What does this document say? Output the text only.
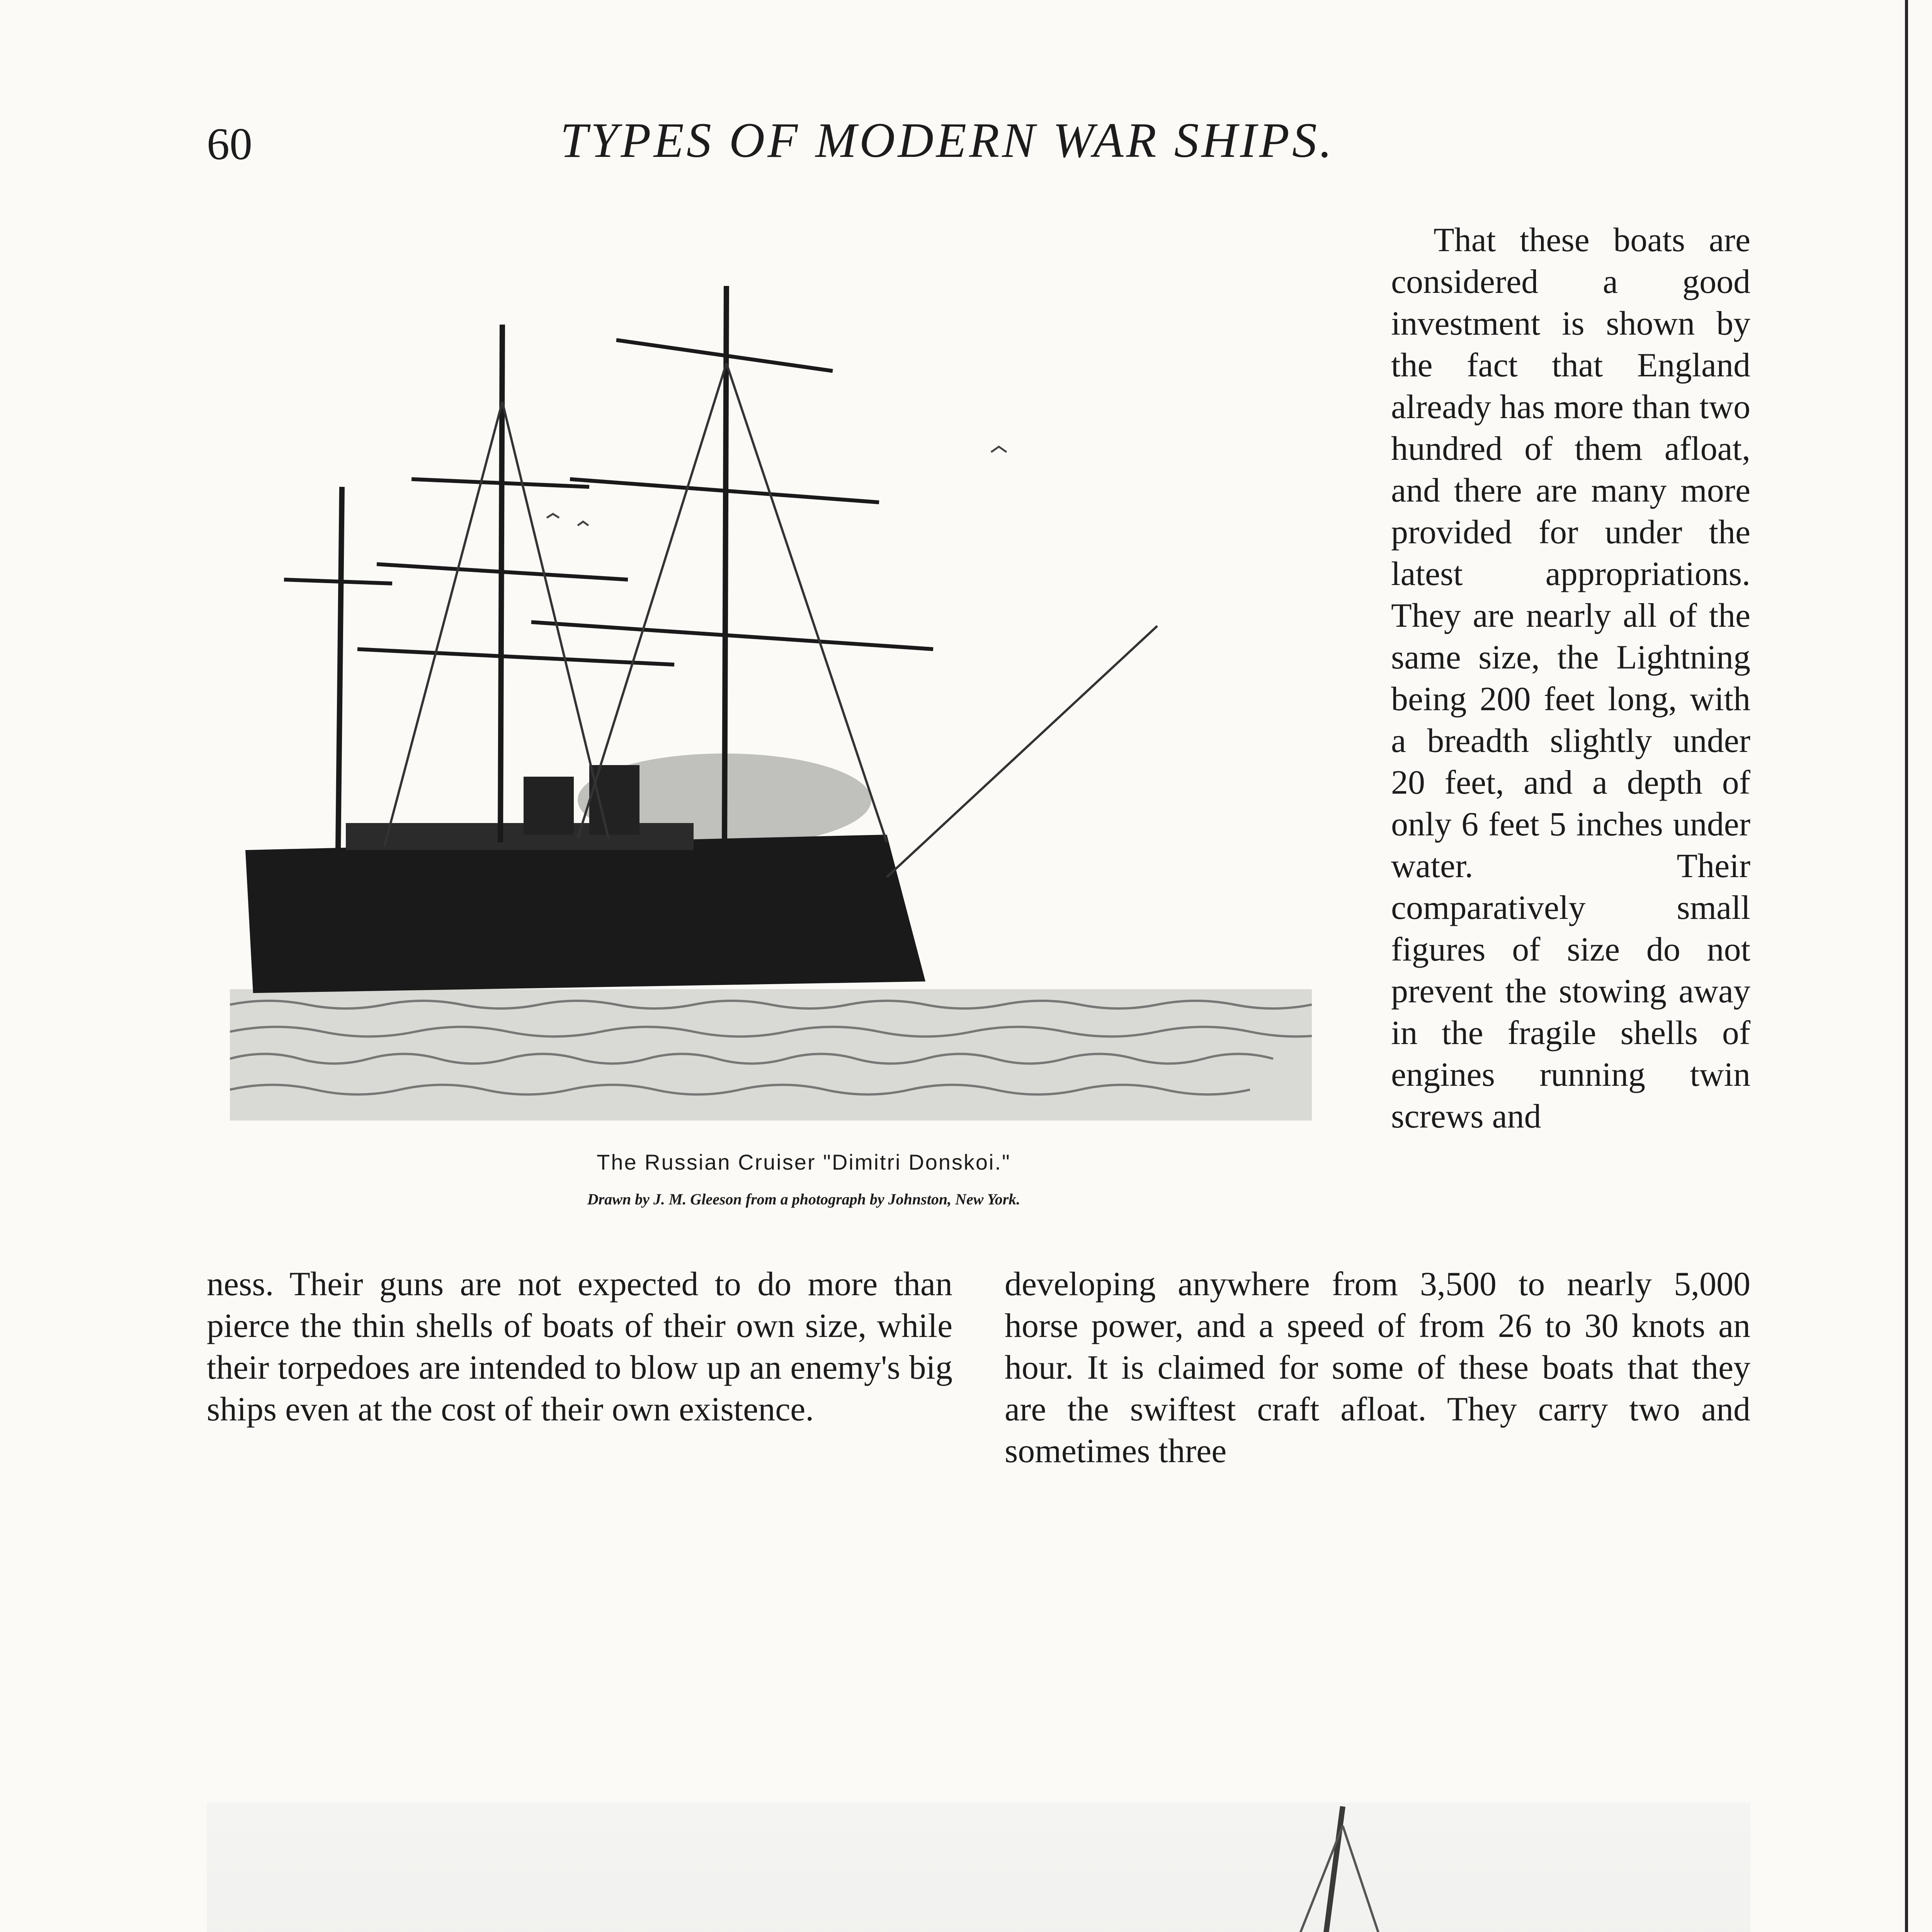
60	TYPES OF MODERN WAR SHIPS.
The Russian Cruiser "Dimitri Donskoi."
Drawn by J. M. Gleeson from a photograph by Johnston, New York.

That these boats are considered a good investment is shown by the fact that England already has more than two hundred of them afloat, and there are many more provided for under the latest appropriations. They are nearly all of the same size, the Lightning being 200 feet long, with a breadth slightly under 20 feet, and a depth of only 6 feet 5 inches under water. Their comparatively small figures of size do not prevent the stowing away in the fragile shells of engines running twin screws and

ness. Their guns are not expected to do more than pierce the thin shells of boats of their own size, while their torpedoes are intended to blow up an enemy's big ships even at the cost of their own existence.

developing anywhere from 3,500 to nearly 5,000 horse power, and a speed of from 26 to 30 knots an hour. It is claimed for some of these boats that they are the swiftest craft afloat. They carry two and sometimes three
